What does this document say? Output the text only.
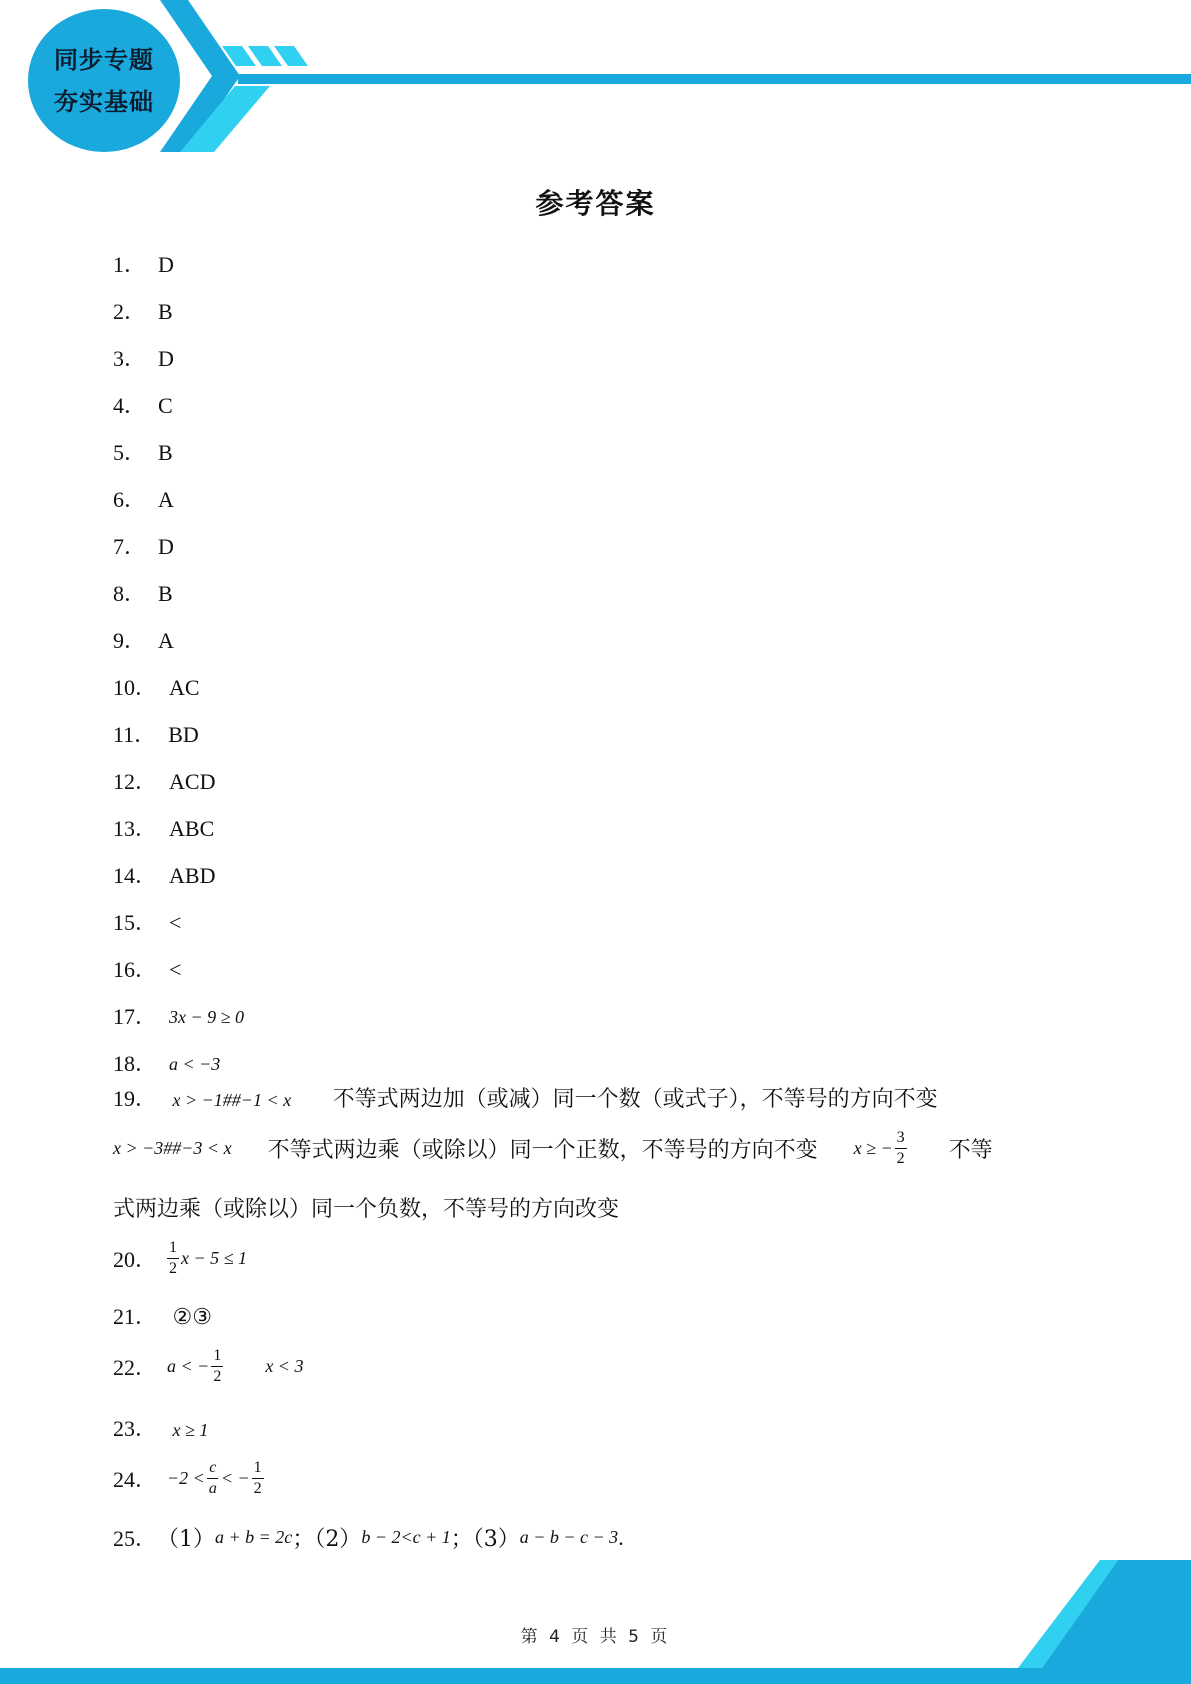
同步专题
夯实基础
参考答案
1． D
2． B
3． D
4． C
5． B
6． A
7． D
8． B
9． A
10． AC
11． BD
12． ACD
13． ABC
14． ABD
15． <
16． <
17． 3x − 9 ≥ 0
18． a < −3
19． x > −1##−1 < x 不等式两边加（或减）同一个数（或式子），不等号的方向不变
x > −3##−3 < x 不等式两边乘（或除以）同一个正数，不等号的方向不变 x ≥ − $\frac{3}{2}$ 不等
式两边乘（或除以）同一个负数，不等号的方向改变
20． $\frac{1}{2}$ x − 5 ≤ 1
21． ②③
22． a < − $\frac{1}{2}$ x < 3
23． x ≥ 1
24． $-2 < \frac{c}{a}$ < − $\frac{1}{2}$
25． （1） a + b = 2c ；（2） b − 2<c + 1 ；（3） a − b − c − 3 .
第 4 页 共 5 页
